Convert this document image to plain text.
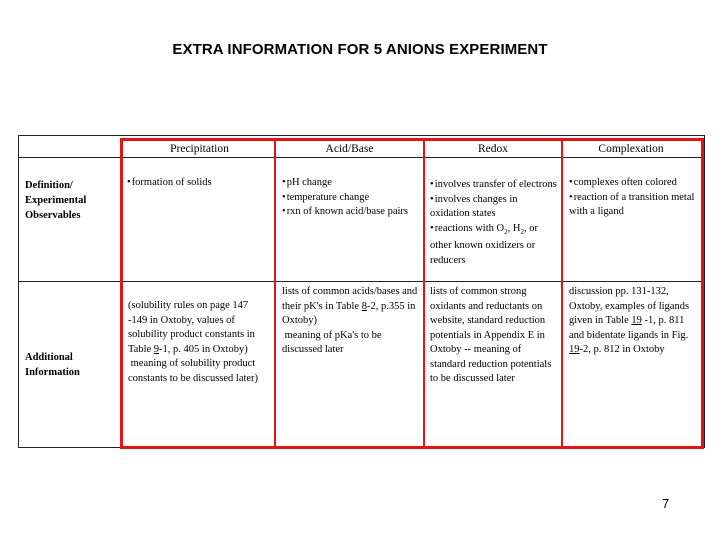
EXTRA INFORMATION FOR 5 ANIONS EXPERIMENT
Precipitation	Acid/Base	Redox	Complexation
Definition/
Experimental
Observables
• formation of solids
•	pH change
• temperature change
• rxn of known acid/base pairs
• involves transfer of electrons
• involves changes in oxidation states
• reactions with $O_2$, $H_2$, or other known oxidizers or reducers
• complexes often colored
• reaction of a transition metal with a ligand
Additional
Information
(solubility rules on page 147 -149 in Oxtoby, values of solubility product constants in Table 9-1, p. 405 in Oxtoby)
meaning of solubility product constants to be discussed later)
lists of common acids/bases and their pK's in Table 8-2, p.355 in Oxtoby)
meaning of pKa's to be discussed later
lists of common strong oxidants and reductants on website, standard reduction potentials in Appendix E in Oxtoby -- meaning of standard reduction potentials to be discussed later
discussion pp. 131-132, Oxtoby, examples of ligands given in Table 19 -1, p. 811 and bidentate ligands in Fig. 19-2, p. 812 in Oxtoby
7
